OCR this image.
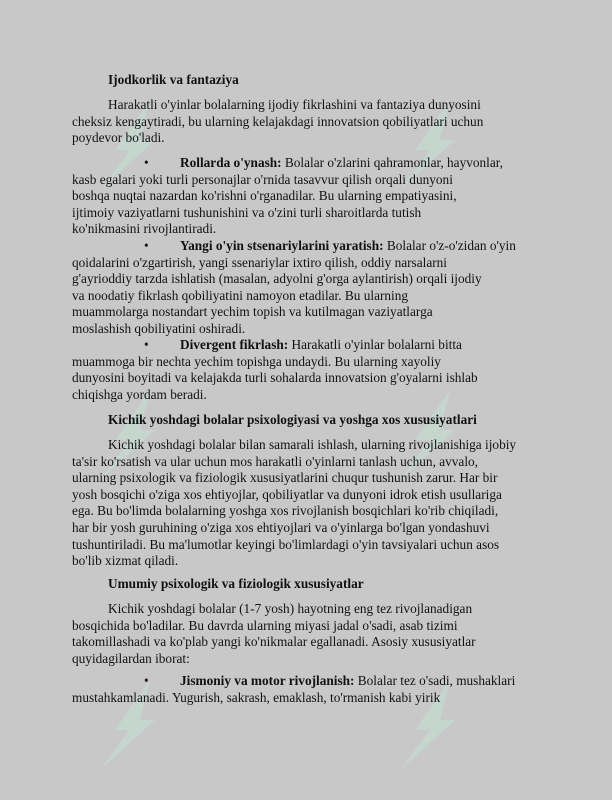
Ijodkorlik va fantaziya
Harakatli o'yinlar bolalarning ijodiy fikrlashini va fantaziya dunyosini
cheksiz kengaytiradi, bu ularning kelajakdagi innovatsion qobiliyatlari uchun
poydevor bo'ladi.
•	Rollarda o'ynash: Bolalar o'zlarini qahramonlar, hayvonlar,
kasb egalari yoki turli personajlar o'rnida tasavvur qilish orqali dunyoni
boshqa nuqtai nazardan ko'rishni o'rganadilar. Bu ularning empatiyasini,
ijtimoiy vaziyatlarni tushunishini va o'zini turli sharoitlarda tutish
ko'nikmasini rivojlantiradi.
•	Yangi o'yin stsenariylarini yaratish: Bolalar o'z-o'zidan o'yin
qoidalarini o'zgartirish, yangi ssenariylar ixtiro qilish, oddiy narsalarni
g'ayrioddiy tarzda ishlatish (masalan, adyolni g'orga aylantirish) orqali ijodiy
va noodatiy fikrlash qobiliyatini namoyon etadilar. Bu ularning
muammolarga nostandart yechim topish va kutilmagan vaziyatlarga
moslashish qobiliyatini oshiradi.
•	Divergent fikrlash: Harakatli o'yinlar bolalarni bitta
muammoga bir nechta yechim topishga undaydi. Bu ularning xayoliy
dunyosini boyitadi va kelajakda turli sohalarda innovatsion g'oyalarni ishlab
chiqishga yordam beradi.
Kichik yoshdagi bolalar psixologiyasi va yoshga xos xususiyatlari
Kichik yoshdagi bolalar bilan samarali ishlash, ularning rivojlanishiga ijobiy
ta'sir ko'rsatish va ular uchun mos harakatli o'yinlarni tanlash uchun, avvalo,
ularning psixologik va fiziologik xususiyatlarini chuqur tushunish zarur. Har bir
yosh bosqichi o'ziga xos ehtiyojlar, qobiliyatlar va dunyoni idrok etish usullariga
ega. Bu bo'limda bolalarning yoshga xos rivojlanish bosqichlari ko'rib chiqiladi,
har bir yosh guruhining o'ziga xos ehtiyojlari va o'yinlarga bo'lgan yondashuvi
tushuntiriladi. Bu ma'lumotlar keyingi bo'limlardagi o'yin tavsiyalari uchun asos
bo'lib xizmat qiladi.
Umumiy psixologik va fiziologik xususiyatlar
Kichik yoshdagi bolalar (1-7 yosh) hayotning eng tez rivojlanadigan
bosqichida bo'ladilar. Bu davrda ularning miyasi jadal o'sadi, asab tizimi
takomillashadi va ko'plab yangi ko'nikmalar egallanadi. Asosiy xususiyatlar
quyidagilardan iborat:
•	Jismoniy va motor rivojlanish: Bolalar tez o'sadi, mushaklari
mustahkamlanadi. Yugurish, sakrash, emaklash, to'rmanish kabi yirik
